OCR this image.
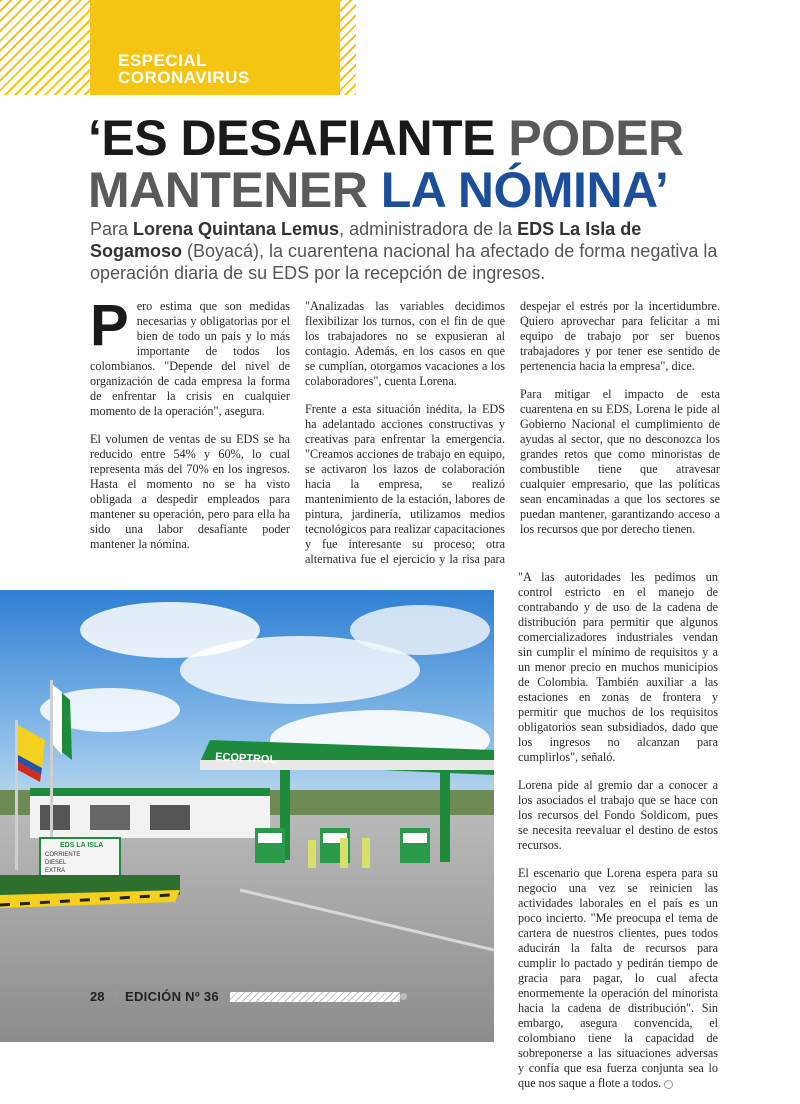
ESPECIAL
CORONAVIRUS
‘ES DESAFIANTE PODER
MANTENER LA NÓMINA’
Para Lorena Quintana Lemus, administradora de la EDS La Isla de Sogamoso (Boyacá), la cuarentena nacional ha afectado de forma negativa la operación diaria de su EDS por la recepción de ingresos.

Pero estima que son medidas necesarias y obligatorias por el bien de todo un país y lo más importante de todos los colombianos. "Depende del nivel de organización de cada empresa la forma de enfrentar la crisis en cualquier momento de la operación", asegura.

El volumen de ventas de su EDS se ha reducido entre 54% y 60%, lo cual representa más del 70% en los ingresos. Hasta el momento no se ha visto obligada a despedir empleados para mantener su operación, pero para ella ha sido una labor desafiante poder mantener la nómina.

"Analizadas las variables decidimos flexibilizar los turnos, con el fin de que los trabajadores no se expusieran al contagio. Además, en los casos en que se cumplían, otorgamos vacaciones a los colaboradores", cuenta Lorena.

Frente a esta situación inédita, la EDS ha adelantado acciones constructivas y creativas para enfrentar la emergencia. "Creamos acciones de trabajo en equipo, se activaron los lazos de colaboración hacia la empresa, se realizó mantenimiento de la estación, labores de pintura, jardinería, utilizamos medios tecnológicos para realizar capacitaciones y fue interesante su proceso; otra alternativa fue el ejercicio y la risa para despejar el estrés por la incertidumbre. Quiero aprovechar para felicitar a mi equipo de trabajo por ser buenos trabajadores y por tener ese sentido de pertenencia hacia la empresa", dice.

Para mitigar el impacto de esta cuarentena en su EDS, Lorena le pide al Gobierno Nacional el cumplimiento de ayudas al sector, que no desconozca los grandes retos que como minoristas de combustible tiene que atravesar cualquier empresario, que las políticas sean encaminadas a que los sectores se puedan mantener, garantizando acceso a los recursos que por derecho tienen.

ECOPTROL
EDS LA ISLA
CORRIENTE
DIESEL
EXTRA

"A las autoridades les pedimos un control estricto en el manejo de contrabando y de uso de la cadena de distribución para permitir que algunos comercializadores industriales vendan sin cumplir el mínimo de requisitos y a un menor precio en muchos municipios de Colombia. También auxiliar a las estaciones en zonas de frontera y permitir que muchos de los requisitos obligatorios sean subsidiados, dado que los ingresos no alcanzan para cumplirlos", señaló.

Lorena pide al gremio dar a conocer a los asociados el trabajo que se hace con los recursos del Fondo Soldicom, pues se necesita reevaluar el destino de estos recursos.

El escenario que Lorena espera para su negocio una vez se reinicien las actividades laborales en el país es un poco incierto. "Me preocupa el tema de cartera de nuestros clientes, pues todos aducirán la falta de recursos para cumplir lo pactado y pedirán tiempo de gracia para pagar, lo cual afecta enormemente la operación del minorista hacia la cadena de distribución". Sin embargo, asegura convencida, el colombiano tiene la capacidad de sobreponerse a las situaciones adversas y confía que esa fuerza conjunta sea lo que nos saque a flote a todos.

28 EDICIÓN Nº 36
